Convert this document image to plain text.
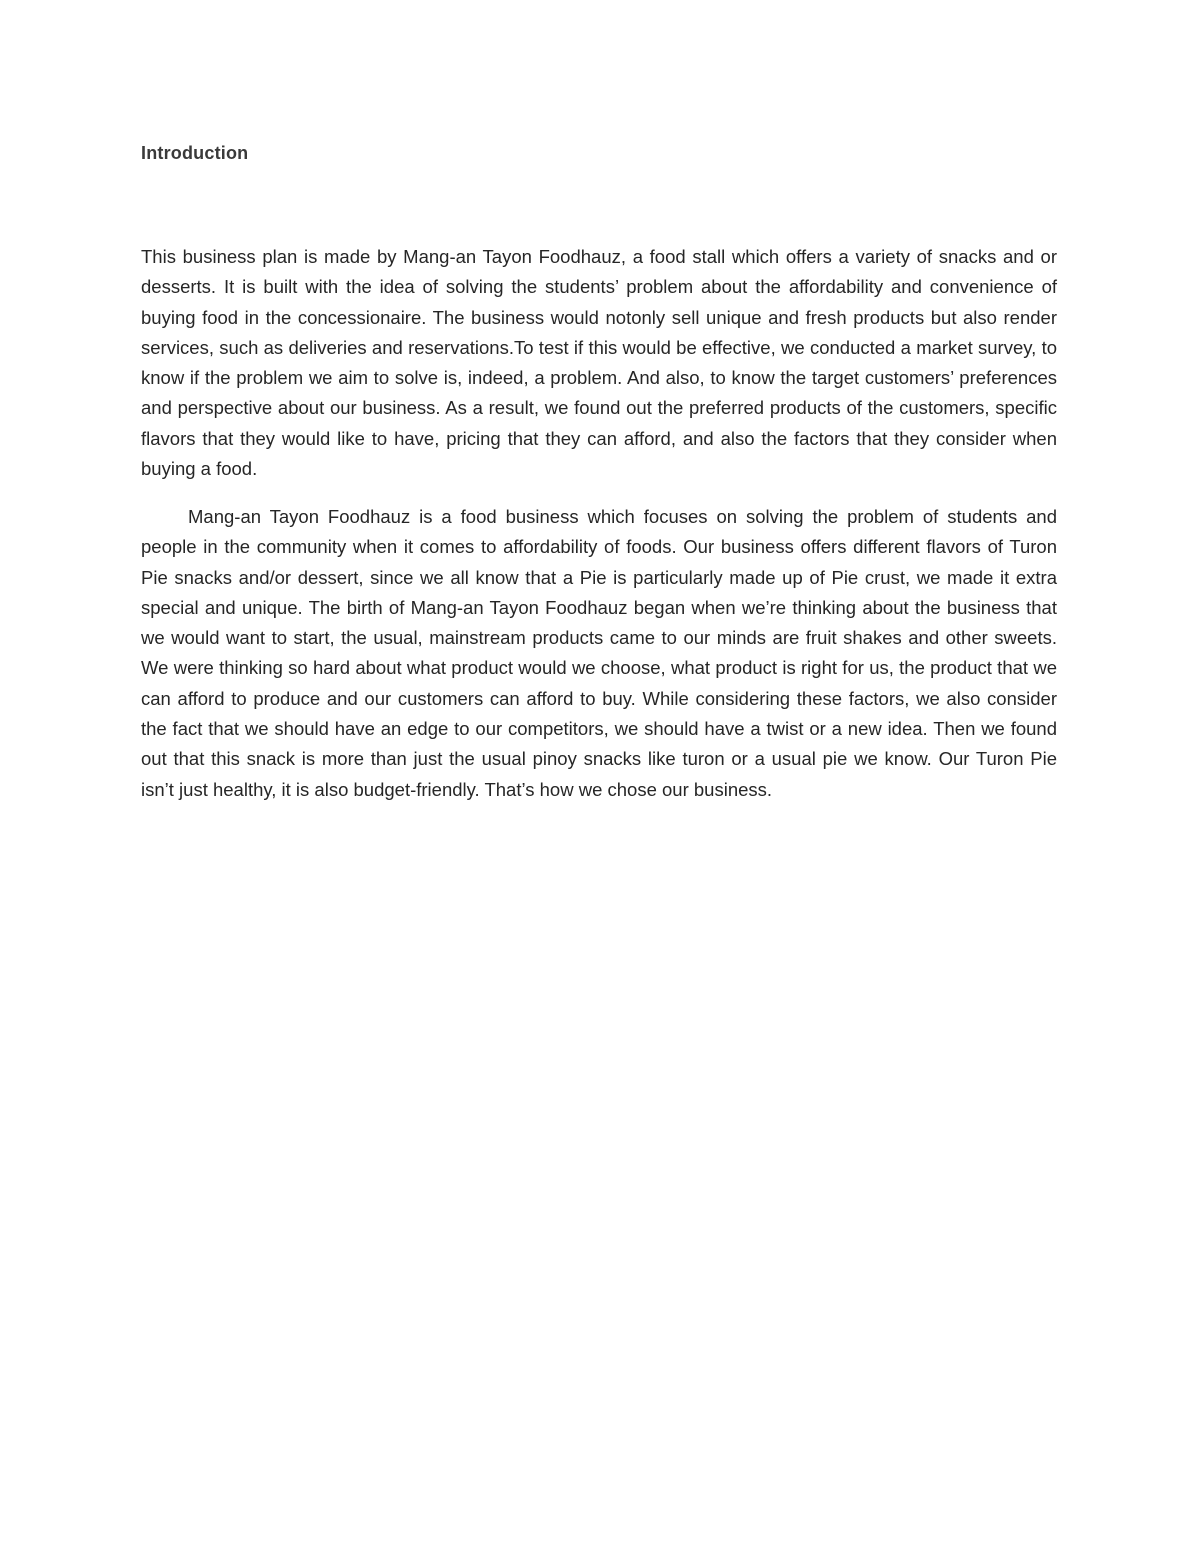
Introduction

This business plan is made by Mang-an Tayon Foodhauz, a food stall which offers a variety of snacks and or desserts. It is built with the idea of solving the students’ problem about the affordability and convenience of buying food in the concessionaire. The business would notonly sell unique and fresh products but also render services, such as deliveries and reservations.To test if this would be effective, we conducted a market survey, to know if the problem we aim to solve is, indeed, a problem. And also, to know the target customers’ preferences and perspective about our business. As a result, we found out the preferred products of the customers, specific flavors that they would like to have, pricing that they can afford, and also the factors that they consider when buying a food.

Mang-an Tayon Foodhauz is a food business which focuses on solving the problem of students and people in the community when it comes to affordability of foods. Our business offers different flavors of Turon Pie snacks and/or dessert, since we all know that a Pie is particularly made up of Pie crust, we made it extra special and unique. The birth of Mang-an Tayon Foodhauz began when we’re thinking about the business that we would want to start, the usual, mainstream products came to our minds are fruit shakes and other sweets. We were thinking so hard about what product would we choose, what product is right for us, the product that we can afford to produce and our customers can afford to buy. While considering these factors, we also consider the fact that we should have an edge to our competitors, we should have a twist or a new idea. Then we found out that this snack is more than just the usual pinoy snacks like turon or a usual pie we know. Our Turon Pie isn’t just healthy, it is also budget-friendly. That’s how we chose our business.
